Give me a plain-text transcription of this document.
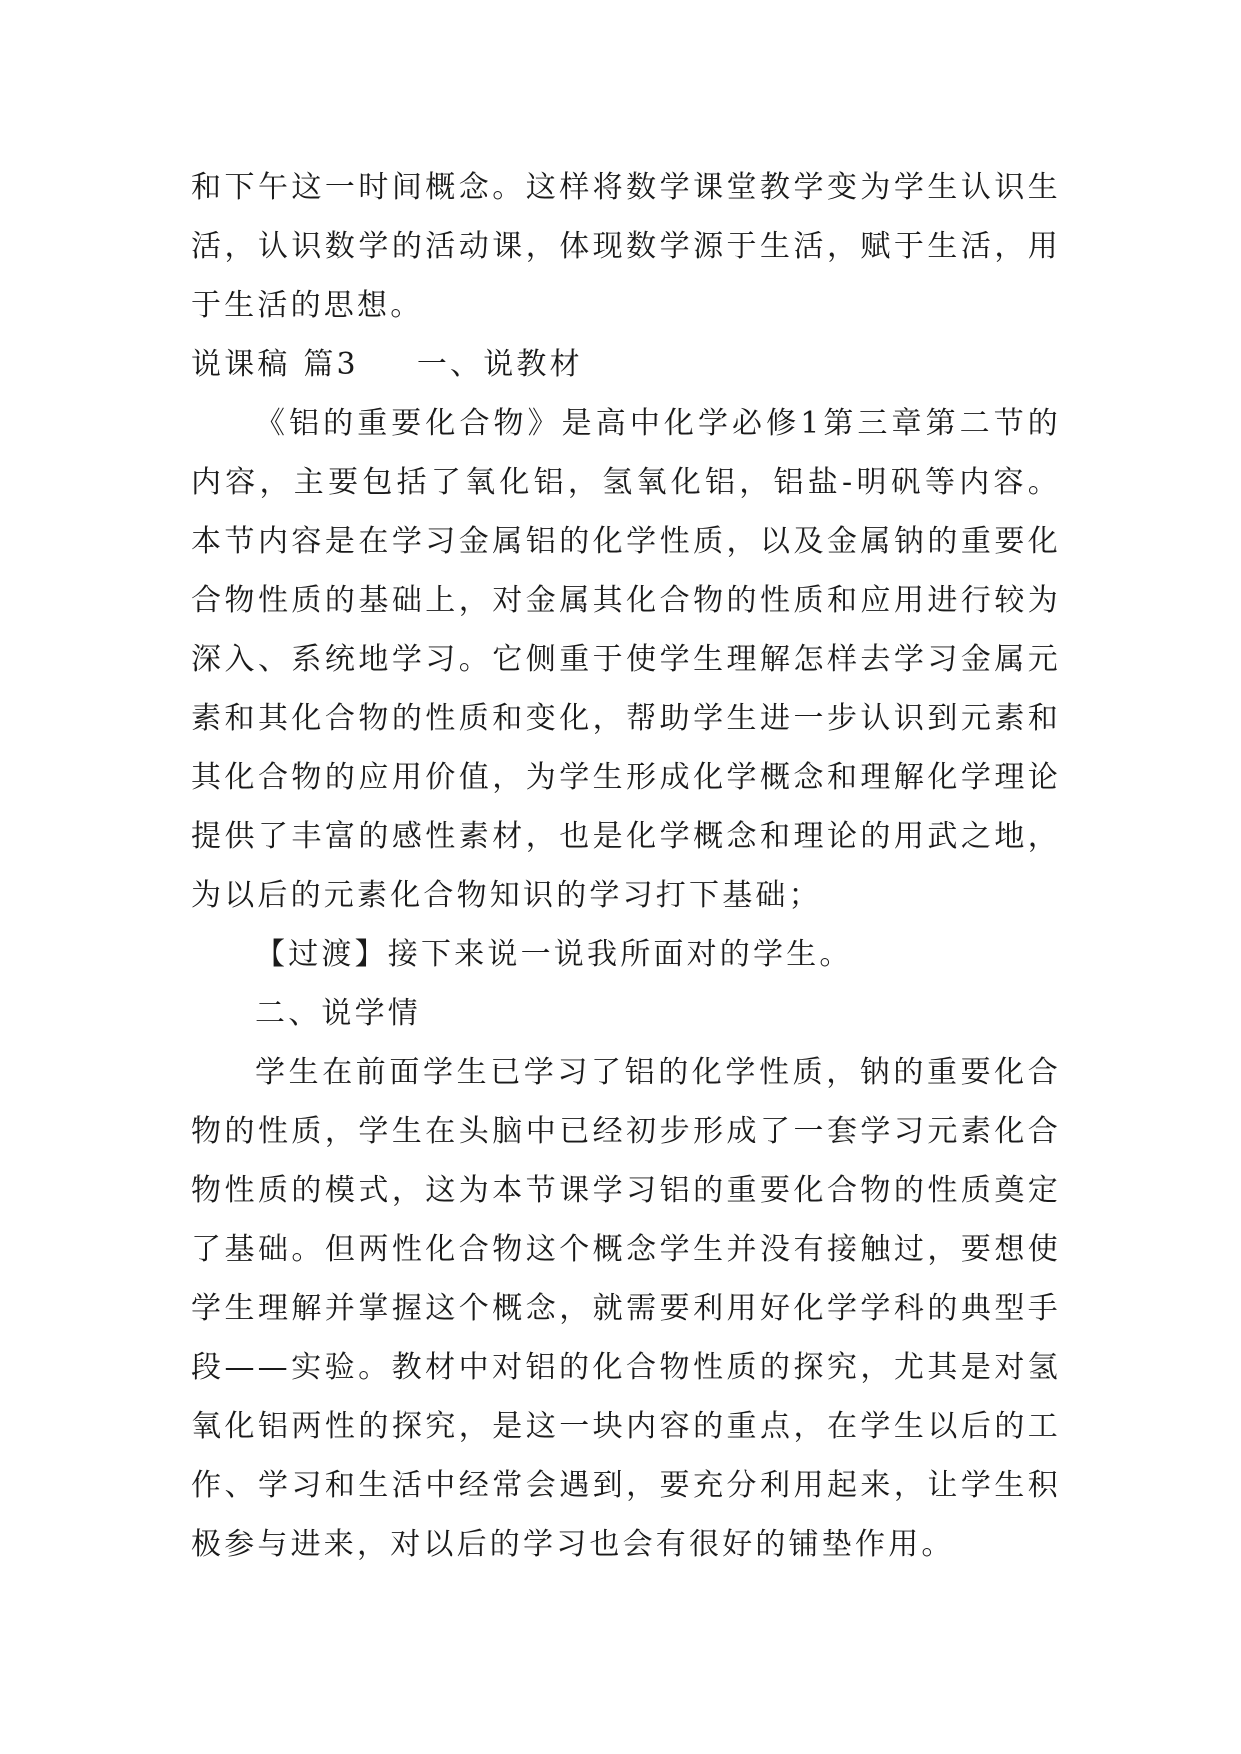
和下午这一时间概念。这样将数学课堂教学变为学生认识生活，认识数学的活动课，体现数学源于生活，赋于生活，用于生活的思想。

说课稿 篇3 一、说教材

《铝的重要化合物》是高中化学必修1第三章第二节的内容，主要包括了氧化铝，氢氧化铝，铝盐-明矾等内容。本节内容是在学习金属铝的化学性质，以及金属钠的重要化合物性质的基础上，对金属其化合物的性质和应用进行较为深入、系统地学习。它侧重于使学生理解怎样去学习金属元素和其化合物的性质和变化，帮助学生进一步认识到元素和其化合物的应用价值，为学生形成化学概念和理解化学理论提供了丰富的感性素材，也是化学概念和理论的用武之地，为以后的元素化合物知识的学习打下基础；

【过渡】接下来说一说我所面对的学生。

二、说学情

学生在前面学生已学习了铝的化学性质，钠的重要化合物的性质，学生在头脑中已经初步形成了一套学习元素化合物性质的模式，这为本节课学习铝的重要化合物的性质奠定了基础。但两性化合物这个概念学生并没有接触过，要想使学生理解并掌握这个概念，就需要利用好化学学科的典型手段——实验。教材中对铝的化合物性质的探究，尤其是对氢氧化铝两性的探究，是这一块内容的重点，在学生以后的工作、学习和生活中经常会遇到，要充分利用起来，让学生积极参与进来，对以后的学习也会有很好的铺垫作用。
